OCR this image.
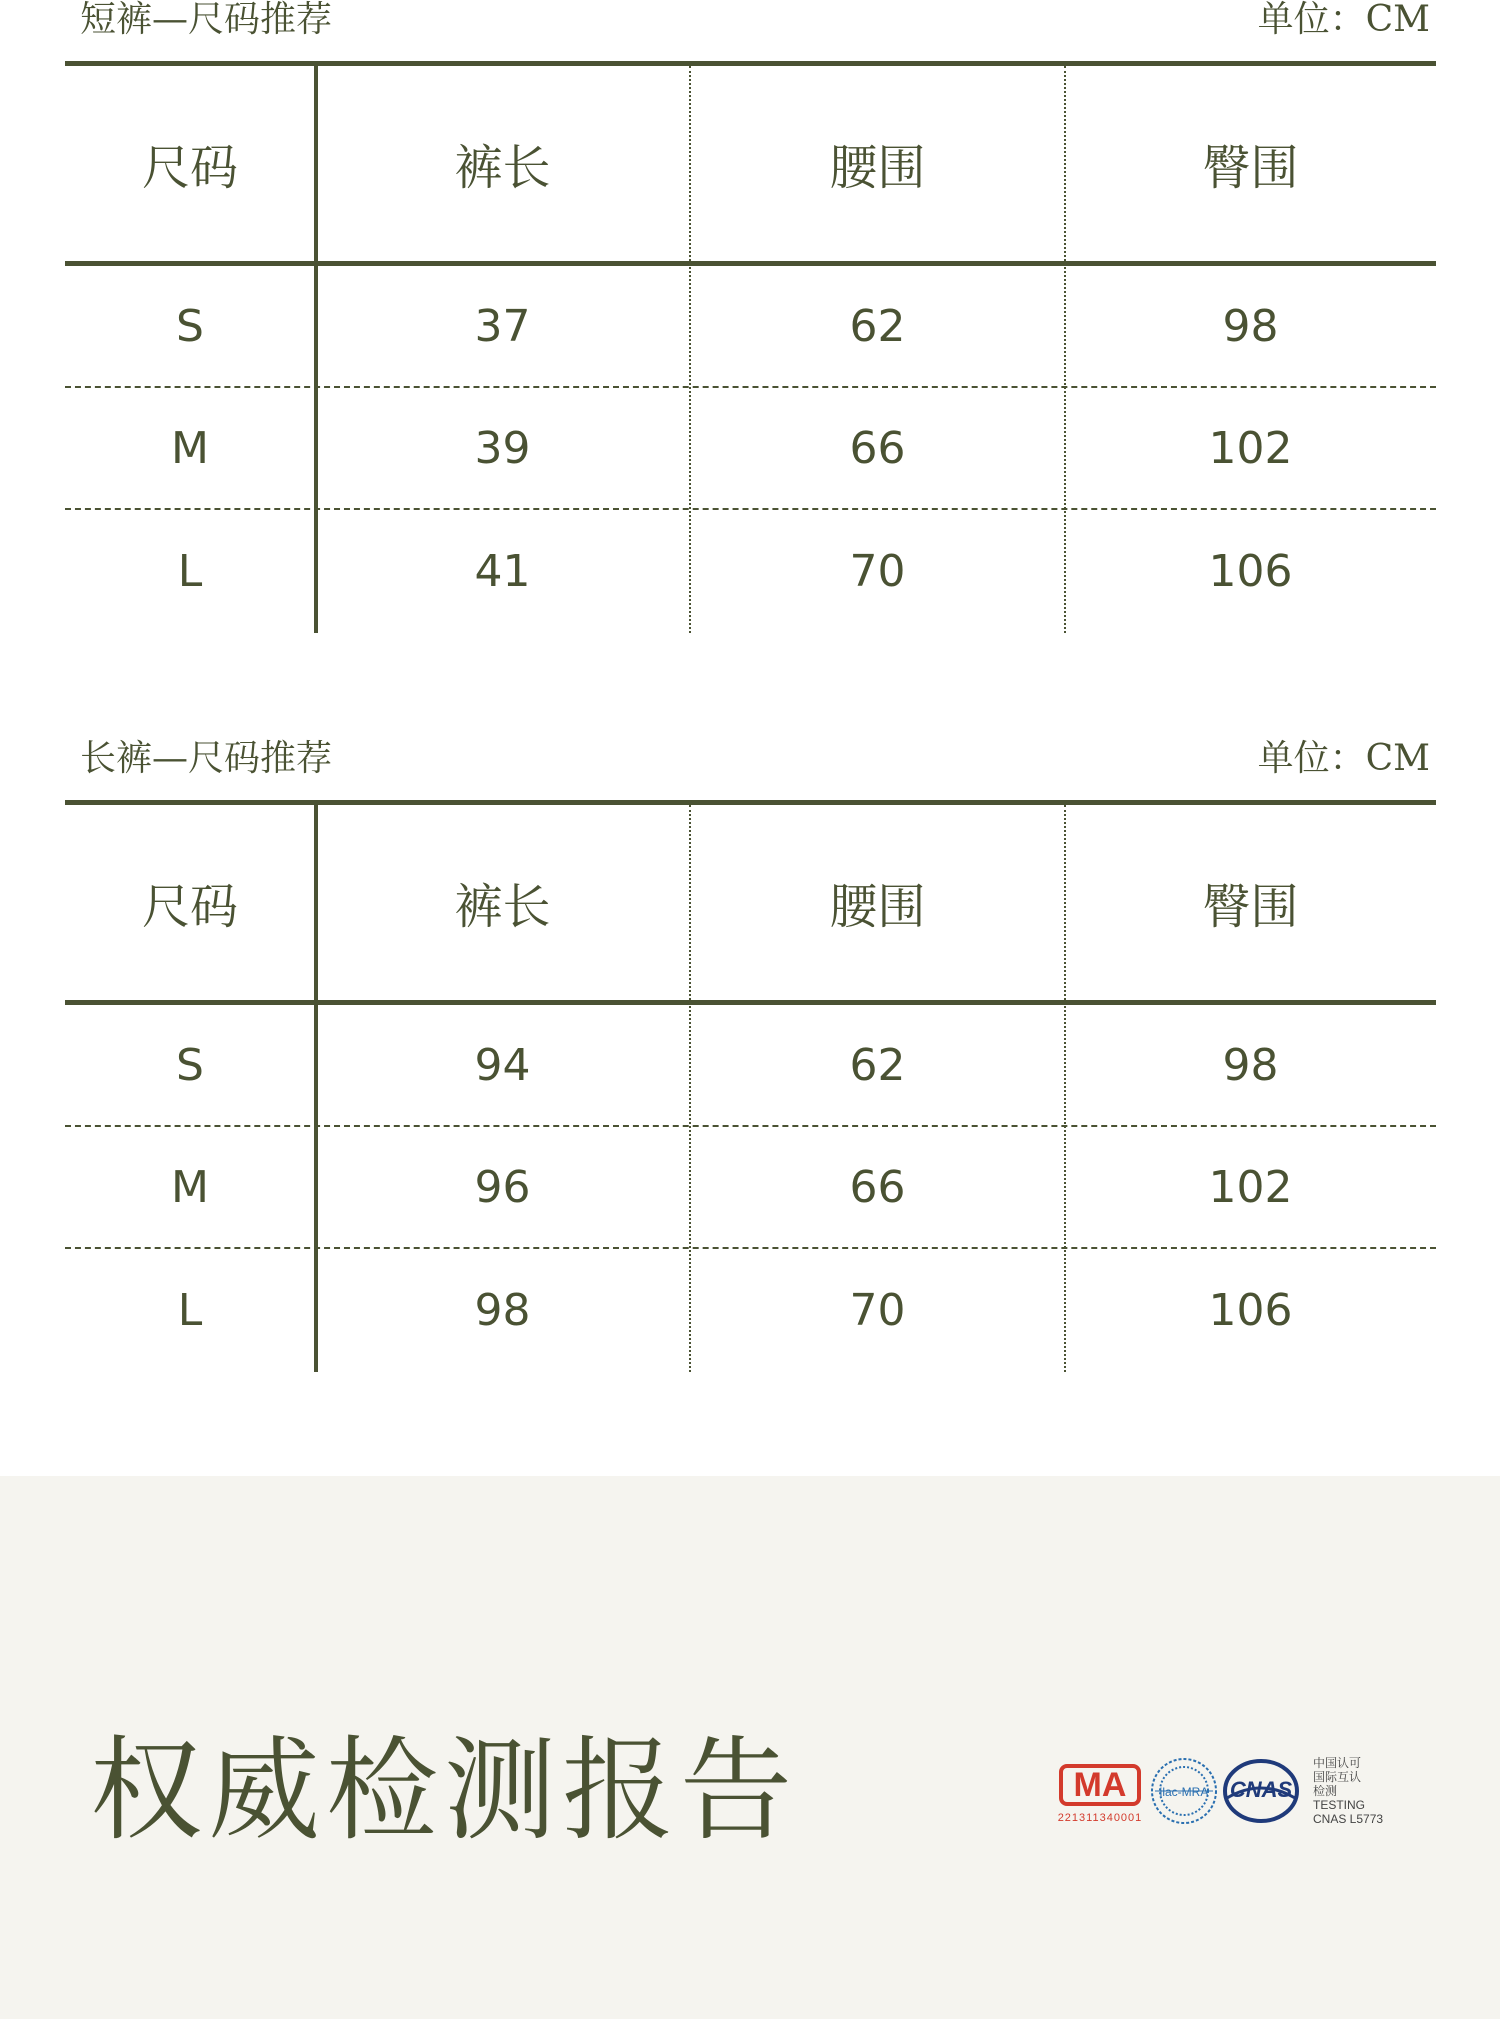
短裤—尺码推荐	单位：CM
尺码	裤长	腰围	臀围
S	37	62	98
M	39	66	102
L	41	70	106
长裤—尺码推荐	单位：CM
尺码	裤长	腰围	臀围
S	94	62	98
M	96	66	102
L	98	70	106
权威检测报告	MA
221311340001
ilac-MRA CNAS
中国认可
国际互认
检测
TESTING
CNAS L5773
